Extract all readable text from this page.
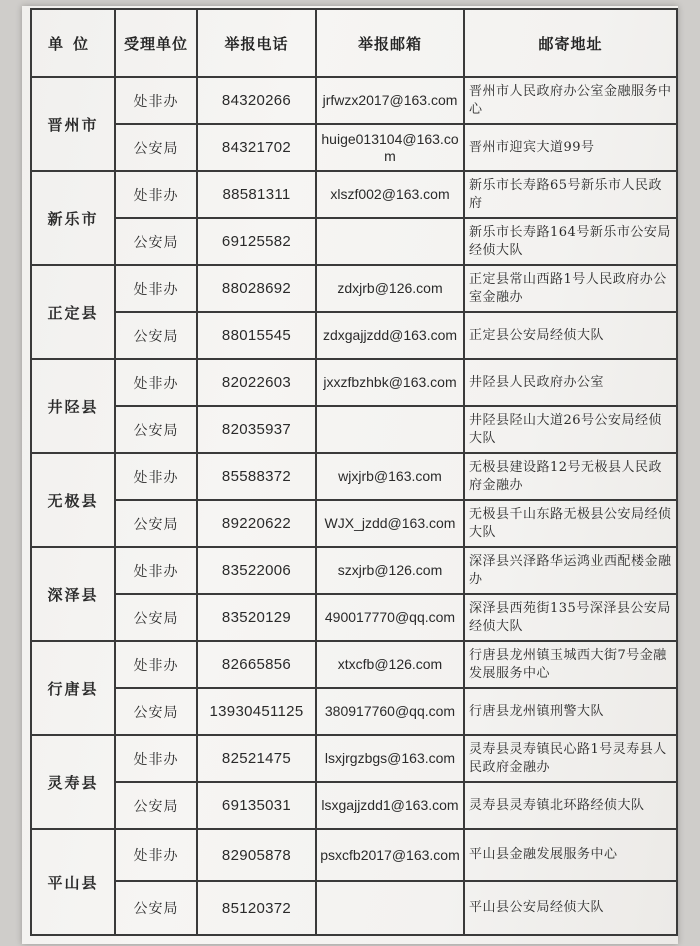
单位	受理单位	举报电话	举报邮箱	邮寄地址
晋州市	处非办	84320266	jrfwzx2017@163.com	晋州市人民政府办公室金融服务中心
	公安局	84321702	huige013104@163.com	晋州市迎宾大道99号
新乐市	处非办	88581311	xlszf002@163.com	新乐市长寿路65号新乐市人民政府
	公安局	69125582		新乐市长寿路164号新乐市公安局经侦大队
正定县	处非办	88028692	zdxjrb@126.com	正定县常山西路1号人民政府办公室金融办
	公安局	88015545	zdxgajjzdd@163.com	正定县公安局经侦大队
井陉县	处非办	82022603	jxxzfbzhbk@163.com	井陉县人民政府办公室
	公安局	82035937		井陉县陉山大道26号公安局经侦大队
无极县	处非办	85588372	wjxjrb@163.com	无极县建设路12号无极县人民政府金融办
	公安局	89220622	WJX_jzdd@163.com	无极县千山东路无极县公安局经侦大队
深泽县	处非办	83522006	szxjrb@126.com	深泽县兴泽路华运鸿业西配楼金融办
	公安局	83520129	490017770@qq.com	深泽县西苑街135号深泽县公安局经侦大队
行唐县	处非办	82665856	xtxcfb@126.com	行唐县龙州镇玉城西大街7号金融发展服务中心
	公安局	13930451125	380917760@qq.com	行唐县龙州镇刑警大队
灵寿县	处非办	82521475	lsxjrgzbgs@163.com	灵寿县灵寿镇民心路1号灵寿县人民政府金融办
	公安局	69135031	lsxgajjzdd1@163.com	灵寿县灵寿镇北环路经侦大队
平山县	处非办	82905878	psxcfb2017@163.com	平山县金融发展服务中心
	公安局	85120372		平山县公安局经侦大队
